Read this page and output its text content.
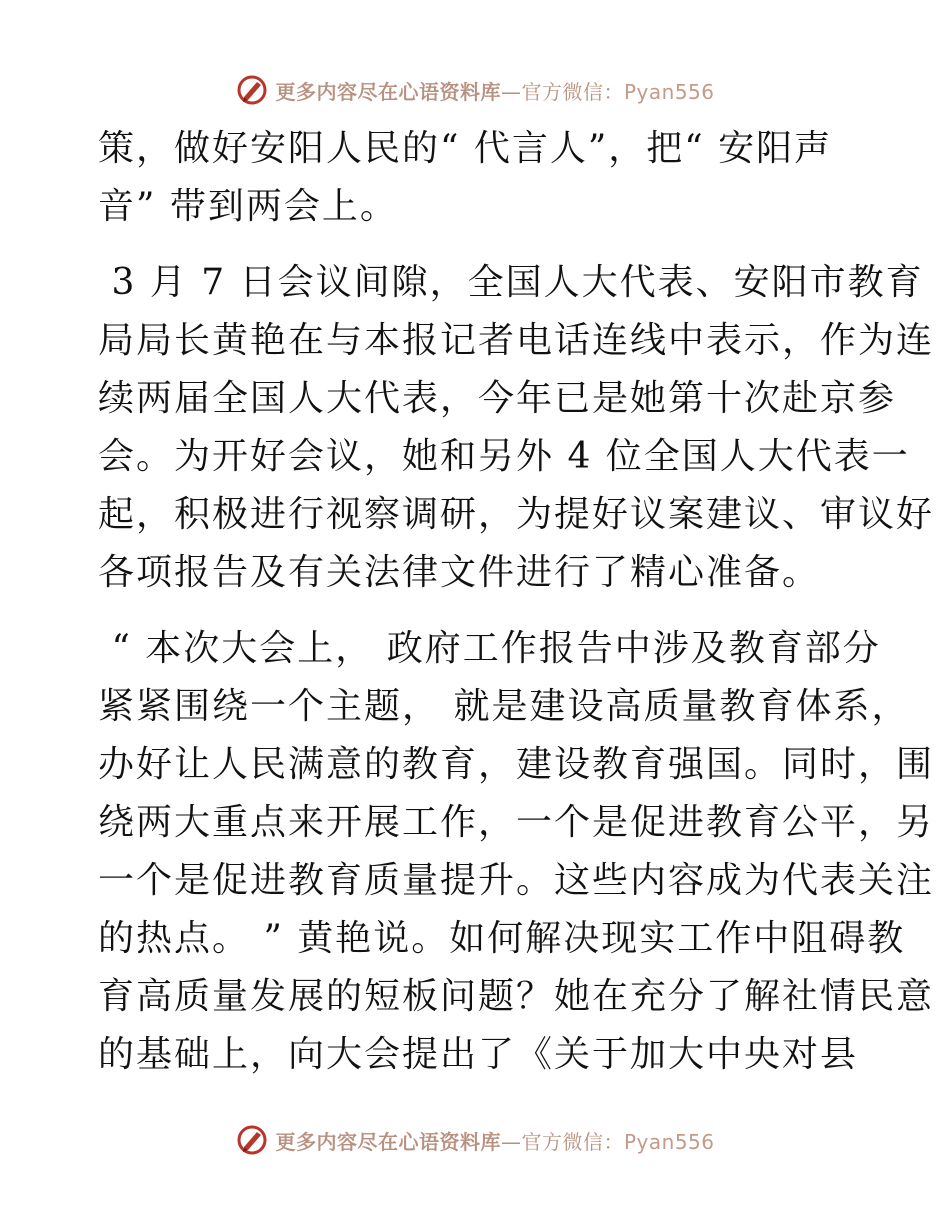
更多内容尽在心语资料库—官方微信：Pyan556
策，做好安阳人民的“ 代言人”，把“ 安阳声
音” 带到两会上。
3 月 7 日会议间隙，全国人大代表、安阳市教育
局局长黄艳在与本报记者电话连线中表示，作为连
续两届全国人大代表，今年已是她第十次赴京参
会。为开好会议，她和另外 4 位全国人大代表一
起，积极进行视察调研，为提好议案建议、审议好
各项报告及有关法律文件进行了精心准备。
“ 本次大会上， 政府工作报告中涉及教育部分
紧紧围绕一个主题， 就是建设高质量教育体系，
办好让人民满意的教育，建设教育强国。同时，围
绕两大重点来开展工作，一个是促进教育公平，另
一个是促进教育质量提升。这些内容成为代表关注
的热点。 ” 黄艳说。如何解决现实工作中阻碍教
育高质量发展的短板问题？她在充分了解社情民意
的基础上，向大会提出了《关于加大中央对县
更多内容尽在心语资料库—官方微信：Pyan556
